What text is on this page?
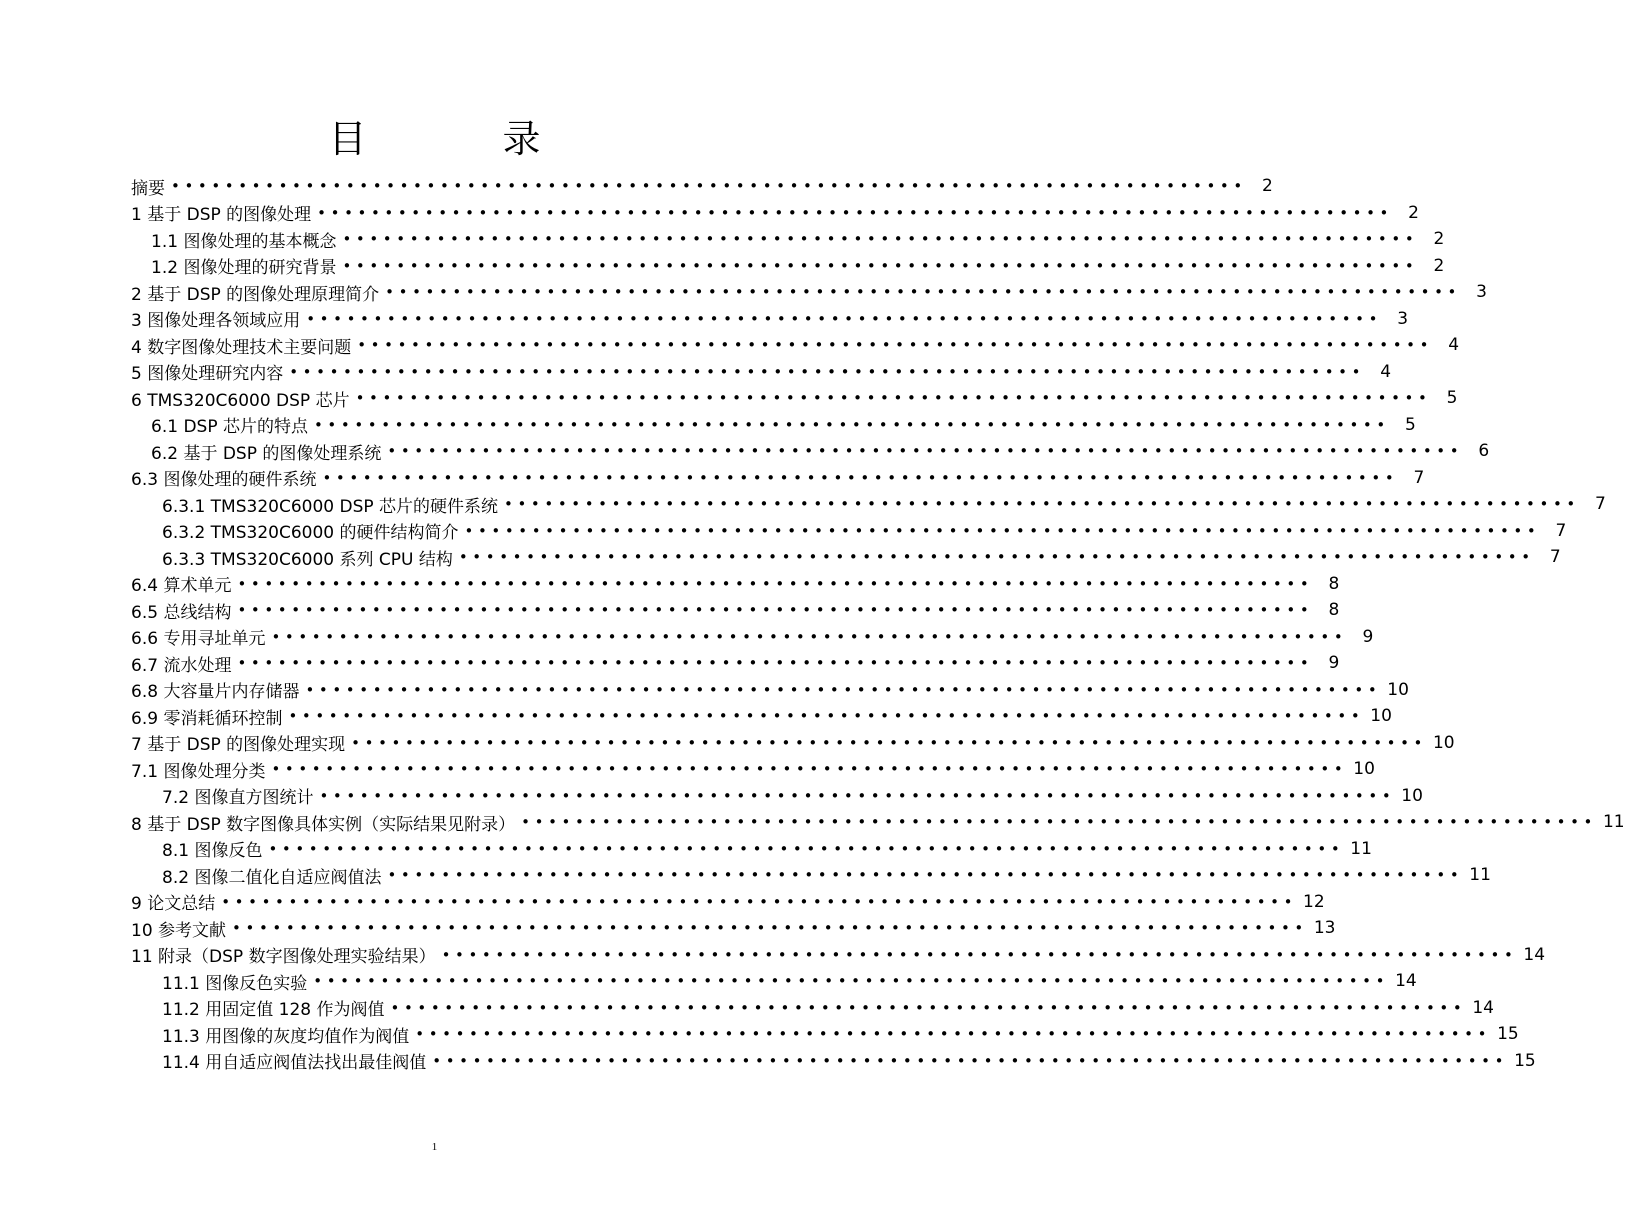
目 录
摘要 •••••••••••••••••••••••••••••••••••••••••••••••••••••••••••••••••••••••••••••••• 2
1 基于 DSP 的图像处理 •••••••••••••••••••••••••••••••••••••••••••••••••••••••••••••••••••••••••••••••• 2
1.1 图像处理的基本概念 •••••••••••••••••••••••••••••••••••••••••••••••••••••••••••••••••••••••••••••••• 2
1.2 图像处理的研究背景 •••••••••••••••••••••••••••••••••••••••••••••••••••••••••••••••••••••••••••••••• 2
2 基于 DSP 的图像处理原理简介 •••••••••••••••••••••••••••••••••••••••••••••••••••••••••••••••••••••••••••••••• 3
3 图像处理各领域应用 •••••••••••••••••••••••••••••••••••••••••••••••••••••••••••••••••••••••••••••••• 3
4 数字图像处理技术主要问题 •••••••••••••••••••••••••••••••••••••••••••••••••••••••••••••••••••••••••••••••• 4
5 图像处理研究内容 •••••••••••••••••••••••••••••••••••••••••••••••••••••••••••••••••••••••••••••••• 4
6 TMS320C6000 DSP 芯片 •••••••••••••••••••••••••••••••••••••••••••••••••••••••••••••••••••••••••••••••• 5
6.1 DSP 芯片的特点 •••••••••••••••••••••••••••••••••••••••••••••••••••••••••••••••••••••••••••••••• 5
6.2 基于 DSP 的图像处理系统 •••••••••••••••••••••••••••••••••••••••••••••••••••••••••••••••••••••••••••••••• 6
6.3 图像处理的硬件系统 •••••••••••••••••••••••••••••••••••••••••••••••••••••••••••••••••••••••••••••••• 7
6.3.1 TMS320C6000 DSP 芯片的硬件系统 •••••••••••••••••••••••••••••••••••••••••••••••••••••••••••••••••••••••••••••••• 7
6.3.2 TMS320C6000 的硬件结构简介 •••••••••••••••••••••••••••••••••••••••••••••••••••••••••••••••••••••••••••••••• 7
6.3.3 TMS320C6000 系列 CPU 结构 •••••••••••••••••••••••••••••••••••••••••••••••••••••••••••••••••••••••••••••••• 7
6.4 算术单元 •••••••••••••••••••••••••••••••••••••••••••••••••••••••••••••••••••••••••••••••• 8
6.5 总线结构 •••••••••••••••••••••••••••••••••••••••••••••••••••••••••••••••••••••••••••••••• 8
6.6 专用寻址单元 •••••••••••••••••••••••••••••••••••••••••••••••••••••••••••••••••••••••••••••••• 9
6.7 流水处理 •••••••••••••••••••••••••••••••••••••••••••••••••••••••••••••••••••••••••••••••• 9
6.8 大容量片内存储器 •••••••••••••••••••••••••••••••••••••••••••••••••••••••••••••••••••••••••••••••• 10
6.9 零消耗循环控制 •••••••••••••••••••••••••••••••••••••••••••••••••••••••••••••••••••••••••••••••• 10
7 基于 DSP 的图像处理实现 •••••••••••••••••••••••••••••••••••••••••••••••••••••••••••••••••••••••••••••••• 10
7.1 图像处理分类 •••••••••••••••••••••••••••••••••••••••••••••••••••••••••••••••••••••••••••••••• 10
7.2 图像直方图统计 •••••••••••••••••••••••••••••••••••••••••••••••••••••••••••••••••••••••••••••••• 10
8 基于 DSP 数字图像具体实例（实际结果见附录） •••••••••••••••••••••••••••••••••••••••••••••••••••••••••••••••••••••••••••••••• 11
8.1 图像反色 •••••••••••••••••••••••••••••••••••••••••••••••••••••••••••••••••••••••••••••••• 11
8.2 图像二值化自适应阀值法 •••••••••••••••••••••••••••••••••••••••••••••••••••••••••••••••••••••••••••••••• 11
9 论文总结 •••••••••••••••••••••••••••••••••••••••••••••••••••••••••••••••••••••••••••••••• 12
10 参考文献 •••••••••••••••••••••••••••••••••••••••••••••••••••••••••••••••••••••••••••••••• 13
11 附录（DSP 数字图像处理实验结果） •••••••••••••••••••••••••••••••••••••••••••••••••••••••••••••••••••••••••••••••• 14
11.1 图像反色实验 •••••••••••••••••••••••••••••••••••••••••••••••••••••••••••••••••••••••••••••••• 14
11.2 用固定值 128 作为阀值 •••••••••••••••••••••••••••••••••••••••••••••••••••••••••••••••••••••••••••••••• 14
11.3 用图像的灰度均值作为阀值 •••••••••••••••••••••••••••••••••••••••••••••••••••••••••••••••••••••••••••••••• 15
11.4 用自适应阀值法找出最佳阀值 •••••••••••••••••••••••••••••••••••••••••••••••••••••••••••••••••••••••••••••••• 15
1
